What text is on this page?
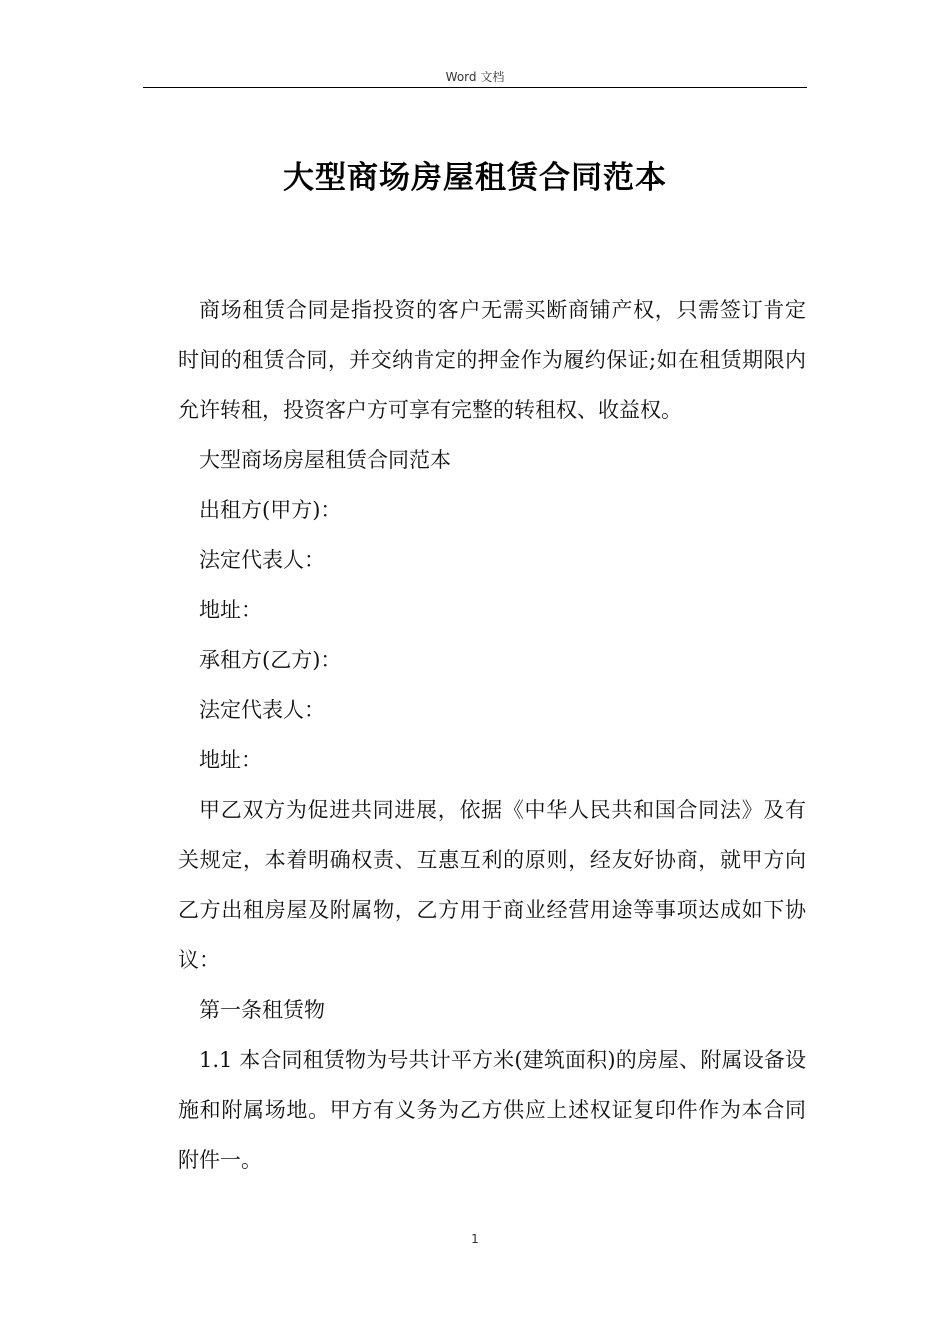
Word 文档
大型商场房屋租赁合同范本

商场租赁合同是指投资的客户无需买断商铺产权，只需签订肯定时间的租赁合同，并交纳肯定的押金作为履约保证;如在租赁期限内允许转租，投资客户方可享有完整的转租权、收益权。

大型商场房屋租赁合同范本

出租方(甲方)：

法定代表人：

地址：

承租方(乙方)：

法定代表人：

地址：

甲乙双方为促进共同进展，依据《中华人民共和国合同法》及有关规定，本着明确权责、互惠互利的原则，经友好协商，就甲方向乙方出租房屋及附属物，乙方用于商业经营用途等事项达成如下协议：

第一条租赁物

1.1 本合同租赁物为号共计平方米(建筑面积)的房屋、附属设备设施和附属场地。甲方有义务为乙方供应上述权证复印件作为本合同附件一。

1
